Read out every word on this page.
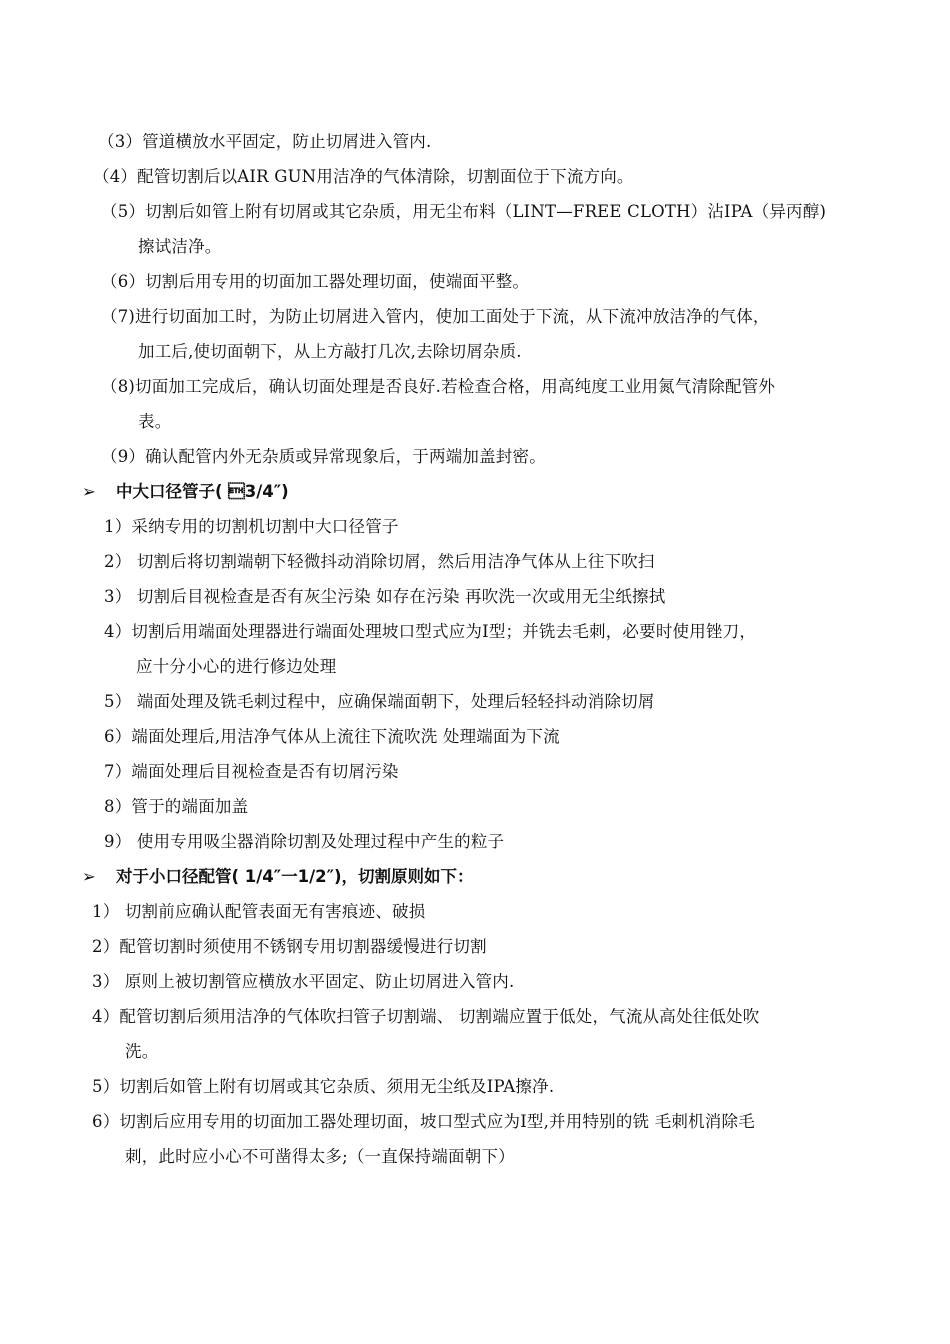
（3）管道横放水平固定，防止切屑进入管内.
（4）配管切割后以AIR GUN用洁净的气体清除，切割面位于下流方向。
（5）切割后如管上附有切屑或其它杂质，用无尘布料（LINT—FREE CLOTH）沾IPA（异丙醇)
擦试洁净。
（6）切割后用专用的切面加工器处理切面，使端面平整。
（7)进行切面加工时，为防止切屑进入管内，使加工面处于下流，从下流冲放洁净的气体，
加工后,使切面朝下，从上方敲打几次,去除切屑杂质.
（8)切面加工完成后，确认切面处理是否良好.若检查合格，用高纯度工业用氮气清除配管外
表。
（9）确认配管内外无杂质或异常现象后，于两端加盖封密。
➢ 中大口径管子( 3/4″)
1）采纳专用的切割机切割中大口径管子
2） 切割后将切割端朝下轻微抖动消除切屑，然后用洁净气体从上往下吹扫
3） 切割后目视检查是否有灰尘污染 如存在污染 再吹洗一次或用无尘纸擦拭
4）切割后用端面处理器进行端面处理坡口型式应为I型；并铣去毛刺，必要时使用锉刀，
应十分小心的进行修边处理
5） 端面处理及铣毛刺过程中，应确保端面朝下，处理后轻轻抖动消除切屑
6）端面处理后,用洁净气体从上流往下流吹洗 处理端面为下流
7）端面处理后目视检查是否有切屑污染
8）管于的端面加盖
9） 使用专用吸尘器消除切割及处理过程中产生的粒子
➢ 对于小口径配管( 1/4″一1/2″)，切割原则如下：
1） 切割前应确认配管表面无有害痕迹、破损
2）配管切割时须使用不锈钢专用切割器缓慢进行切割
3） 原则上被切割管应横放水平固定、防止切屑进入管内.
4）配管切割后须用洁净的气体吹扫管子切割端、 切割端应置于低处，气流从高处往低处吹
洗。
5）切割后如管上附有切屑或其它杂质、须用无尘纸及IPA擦净.
6）切割后应用专用的切面加工器处理切面，坡口型式应为I型,并用特别的铣 毛刺机消除毛
刺，此时应小心不可凿得太多;（一直保持端面朝下）
